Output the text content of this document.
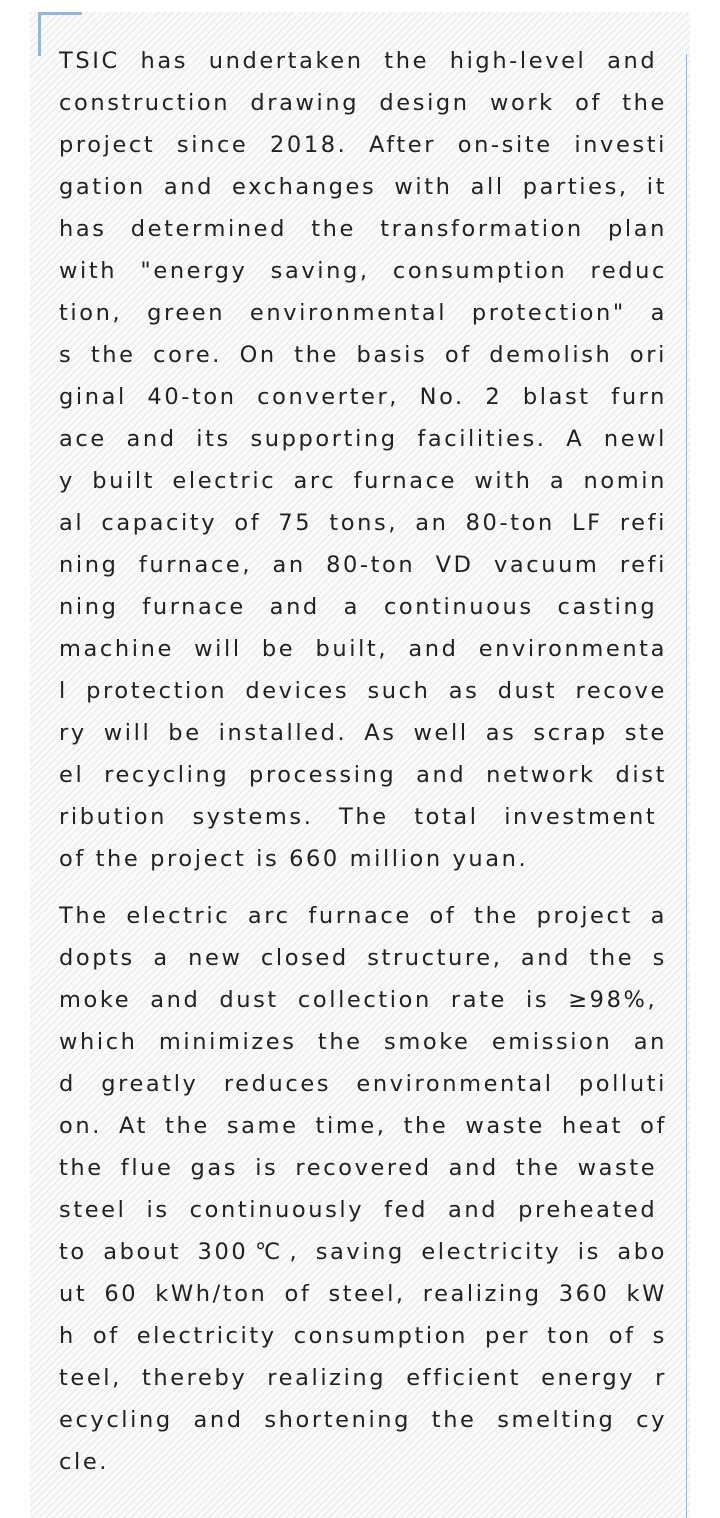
TSIC has undertaken the high-level and
construction drawing design work of the
project since 2018. After on-site investi
gation and exchanges with all parties, it
has determined the transformation plan
with "energy saving, consumption reduc
tion, green environmental protection" a
s the core. On the basis of demolish ori
ginal 40-ton converter, No. 2 blast furn
ace and its supporting facilities. A newl
y built electric arc furnace with a nomin
al capacity of 75 tons, an 80-ton LF refi
ning furnace, an 80-ton VD vacuum refi
ning furnace and a continuous casting
machine will be built, and environmenta
l protection devices such as dust recove
ry will be installed. As well as scrap ste
el recycling processing and network dist
ribution systems. The total investment
of the project is 660 million yuan.

The electric arc furnace of the project a
dopts a new closed structure, and the s
moke and dust collection rate is ≥98%,
which minimizes the smoke emission an
d greatly reduces environmental polluti
on. At the same time, the waste heat of
the flue gas is recovered and the waste
steel is continuously fed and preheated
to about 300℃, saving electricity is abo
ut 60 kWh/ton of steel, realizing 360 kW
h of electricity consumption per ton of s
teel, thereby realizing efficient energy r
ecycling and shortening the smelting cy
cle.
